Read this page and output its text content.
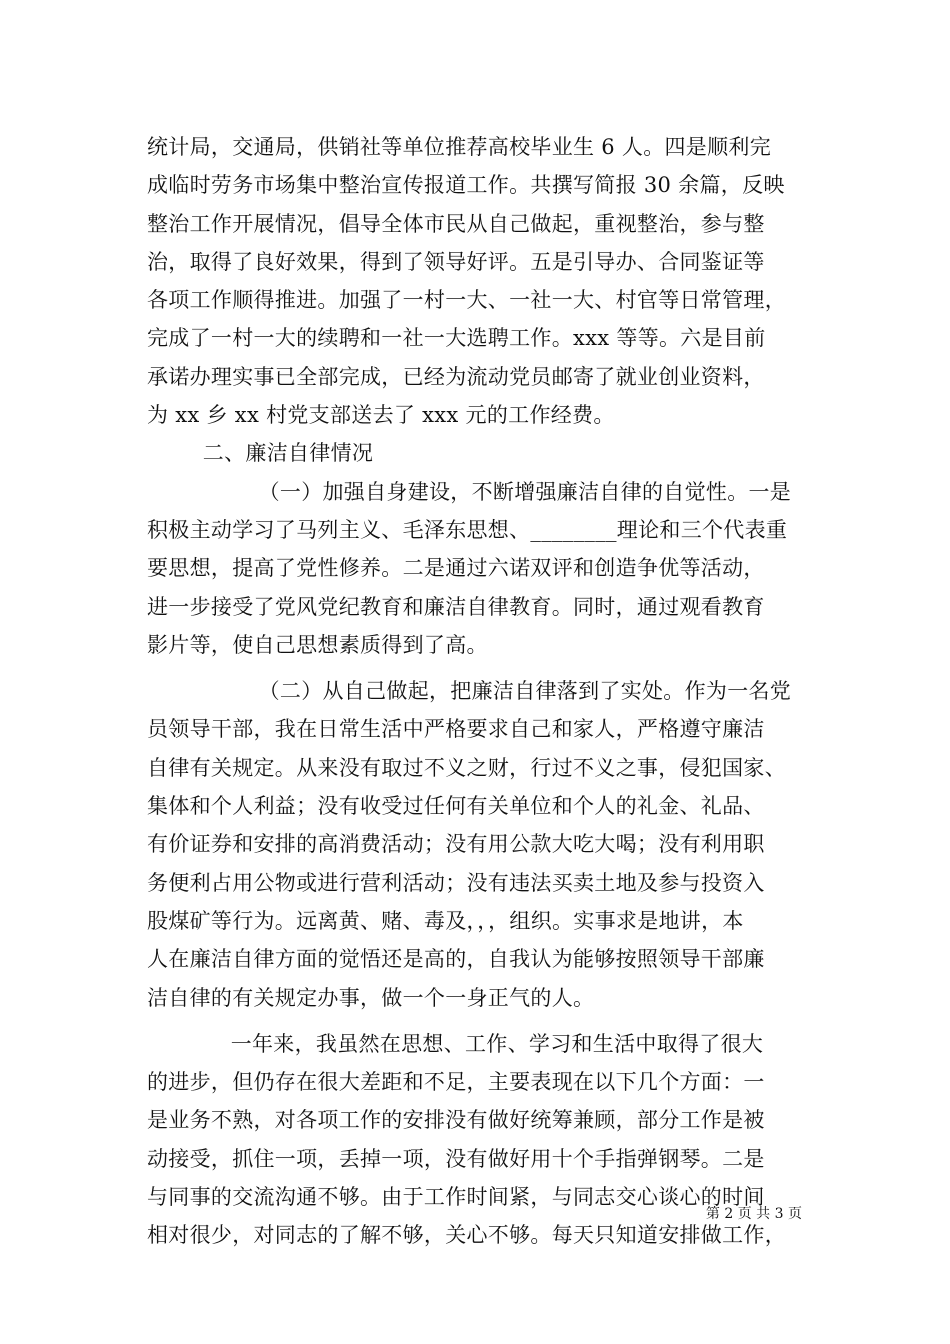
统计局，交通局，供销社等单位推荐高校毕业生 6 人。四是顺利完
成临时劳务市场集中整治宣传报道工作。共撰写简报 30 余篇，反映
整治工作开展情况，倡导全体市民从自己做起，重视整治，参与整
治，取得了良好效果，得到了领导好评。五是引导办、合同鉴证等
各项工作顺得推进。加强了一村一大、一社一大、村官等日常管理，
完成了一村一大的续聘和一社一大选聘工作。xxx 等等。六是目前
承诺办理实事已全部完成，已经为流动党员邮寄了就业创业资料，
为 xx 乡 xx 村党支部送去了 xxx 元的工作经费。
二、廉洁自律情况
（一）加强自身建设，不断增强廉洁自律的自觉性。一是
积极主动学习了马列主义、毛泽东思想、________理论和三个代表重
要思想，提高了党性修养。二是通过六诺双评和创造争优等活动，
进一步接受了党风党纪教育和廉洁自律教育。同时，通过观看教育
影片等，使自己思想素质得到了高。
（二）从自己做起，把廉洁自律落到了实处。作为一名党
员领导干部，我在日常生活中严格要求自己和家人，严格遵守廉洁
自律有关规定。从来没有取过不义之财，行过不义之事，侵犯国家、
集体和个人利益；没有收受过任何有关单位和个人的礼金、礼品、
有价证券和安排的高消费活动；没有用公款大吃大喝；没有利用职
务便利占用公物或进行营利活动；没有违法买卖土地及参与投资入
股煤矿等行为。远离黄、赌、毒及，，，组织。实事求是地讲，本
人在廉洁自律方面的觉悟还是高的，自我认为能够按照领导干部廉
洁自律的有关规定办事，做一个一身正气的人。
一年来，我虽然在思想、工作、学习和生活中取得了很大
的进步，但仍存在很大差距和不足，主要表现在以下几个方面：一
是业务不熟，对各项工作的安排没有做好统筹兼顾，部分工作是被
动接受，抓住一项，丢掉一项，没有做好用十个手指弹钢琴。二是
与同事的交流沟通不够。由于工作时间紧，与同志交心谈心的时间
相对很少，对同志的了解不够，关心不够。每天只知道安排做工作，
第 2 页 共 3 页
